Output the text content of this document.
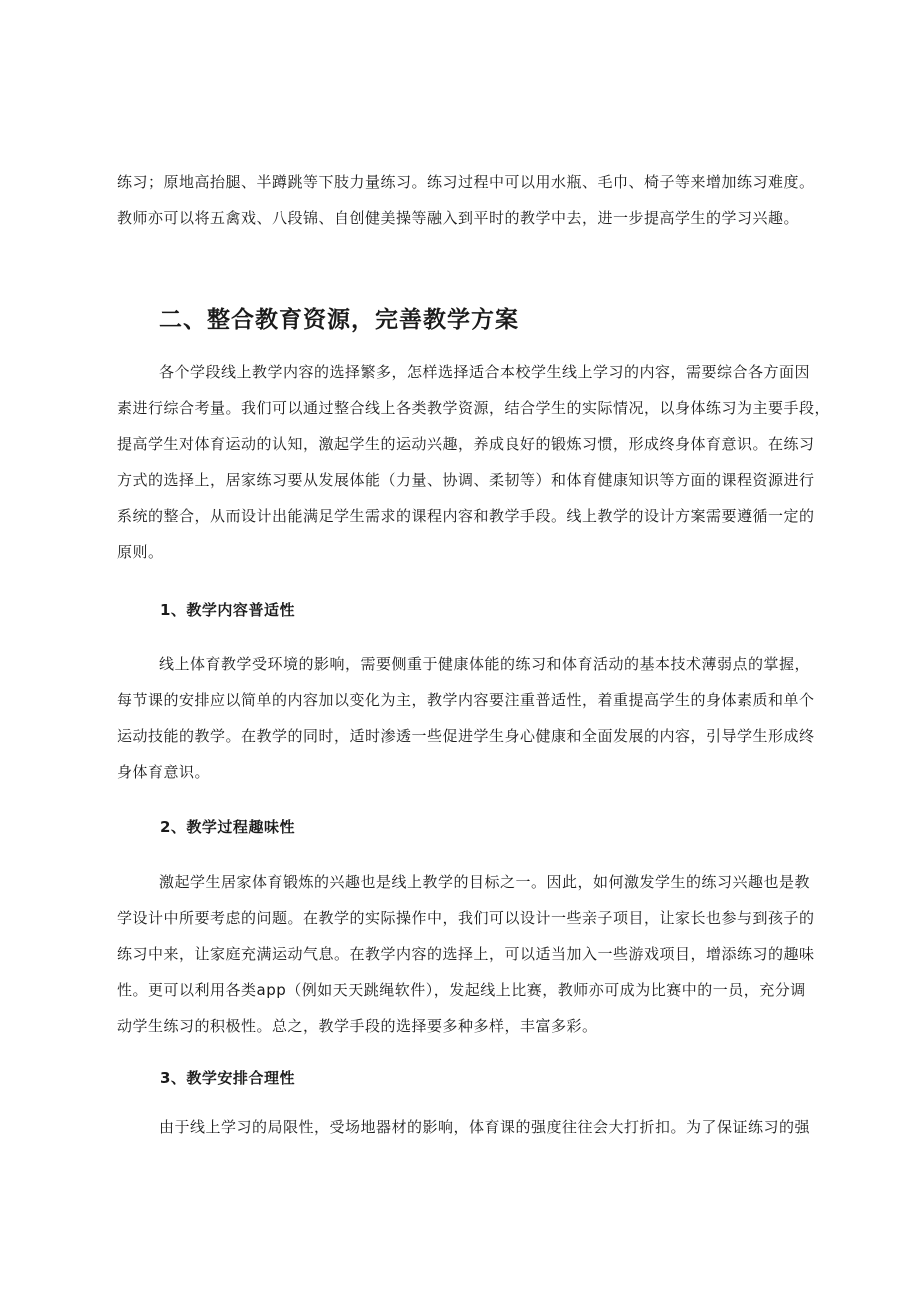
练习；原地高抬腿、半蹲跳等下肢力量练习。练习过程中可以用水瓶、毛巾、椅子等来增加练习难度。
教师亦可以将五禽戏、八段锦、自创健美操等融入到平时的教学中去，进一步提高学生的学习兴趣。

二、整合教育资源，完善教学方案

各个学段线上教学内容的选择繁多，怎样选择适合本校学生线上学习的内容，需要综合各方面因
素进行综合考量。我们可以通过整合线上各类教学资源，结合学生的实际情况，以身体练习为主要手段，
提高学生对体育运动的认知，激起学生的运动兴趣，养成良好的锻炼习惯，形成终身体育意识。在练习
方式的选择上，居家练习要从发展体能（力量、协调、柔韧等）和体育健康知识等方面的课程资源进行
系统的整合，从而设计出能满足学生需求的课程内容和教学手段。线上教学的设计方案需要遵循一定的
原则。

1、教学内容普适性

线上体育教学受环境的影响，需要侧重于健康体能的练习和体育活动的基本技术薄弱点的掌握，
每节课的安排应以简单的内容加以变化为主，教学内容要注重普适性，着重提高学生的身体素质和单个
运动技能的教学。在教学的同时，适时渗透一些促进学生身心健康和全面发展的内容，引导学生形成终
身体育意识。

2、教学过程趣味性

激起学生居家体育锻炼的兴趣也是线上教学的目标之一。因此，如何激发学生的练习兴趣也是教
学设计中所要考虑的问题。在教学的实际操作中，我们可以设计一些亲子项目，让家长也参与到孩子的
练习中来，让家庭充满运动气息。在教学内容的选择上，可以适当加入一些游戏项目，增添练习的趣味
性。更可以利用各类app（例如天天跳绳软件），发起线上比赛，教师亦可成为比赛中的一员，充分调
动学生练习的积极性。总之，教学手段的选择要多种多样，丰富多彩。

3、教学安排合理性

由于线上学习的局限性，受场地器材的影响，体育课的强度往往会大打折扣。为了保证练习的强
